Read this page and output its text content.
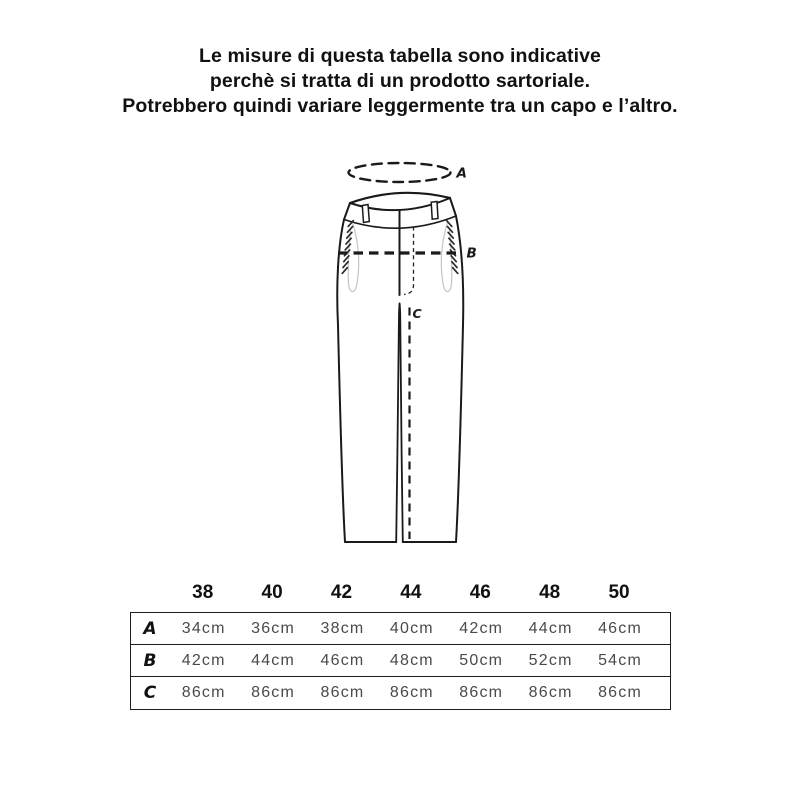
Le misure di questa tabella sono indicative
perchè si tratta di un prodotto sartoriale.
Potrebbero quindi variare leggermente tra un capo e l’altro.
A
B
C
38	40	42	44	46	48	50
A	34cm	36cm	38cm	40cm	42cm	44cm	46cm
B	42cm	44cm	46cm	48cm	50cm	52cm	54cm
C	86cm	86cm	86cm	86cm	86cm	86cm	86cm
